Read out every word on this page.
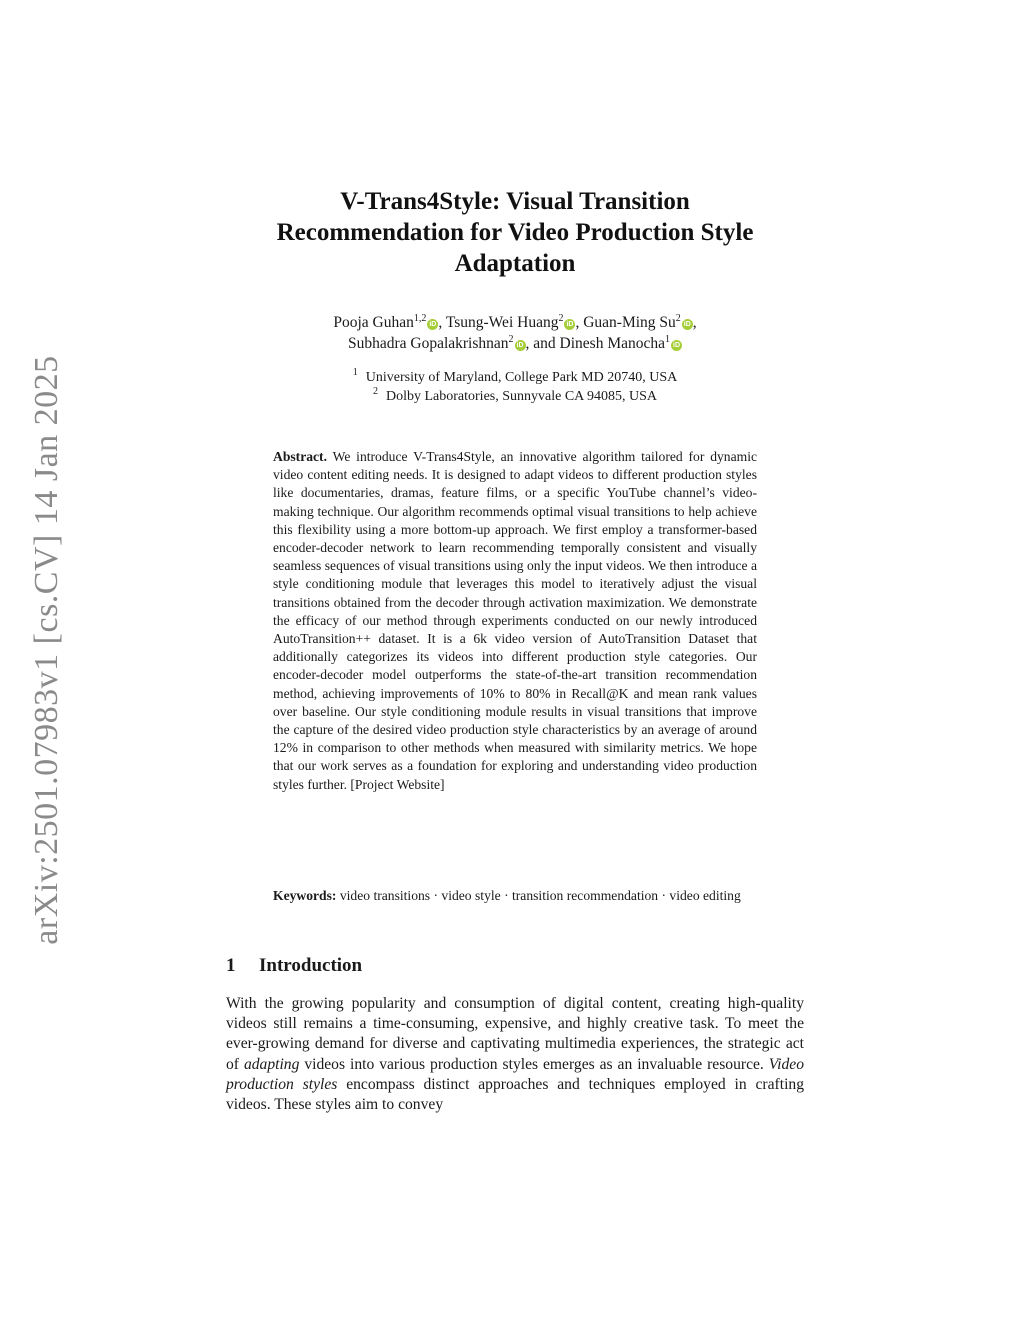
arXiv:2501.07983v1 [cs.CV] 14 Jan 2025
V-Trans4Style: Visual Transition
Recommendation for Video Production Style
Adaptation
Pooja Guhan$^{1,2}$iD , Tsung-Wei Huang$^2$iD , Guan-Ming Su$^2$iD ,
Subhadra Gopalakrishnan$^2$iD , and Dinesh Manocha$^1$iD
$^1$ University of Maryland, College Park MD 20740, USA
$^2$ Dolby Laboratories, Sunnyvale CA 94085, USA
Abstract. We introduce V-Trans4Style, an innovative algorithm tailored for dynamic video content editing needs. It is designed to adapt videos to different production styles like documentaries, dramas, feature films, or a specific YouTube channel’s video-making technique. Our algorithm recommends optimal visual transitions to help achieve this flexibility using a more bottom-up approach. We first employ a transformer-based encoder-decoder network to learn recommending temporally consistent and visually seamless sequences of visual transitions using only the input videos. We then introduce a style conditioning module that leverages this model to iteratively adjust the visual transitions obtained from the decoder through activation maximization. We demonstrate the efficacy of our method through experiments conducted on our newly introduced AutoTransition++ dataset. It is a 6k video version of AutoTransition Dataset that additionally categorizes its videos into different production style categories. Our encoder-decoder model outperforms the state-of-the-art transition recommendation method, achieving improvements of 10% to 80% in Recall@K and mean rank values over baseline. Our style conditioning module results in visual transitions that improve the capture of the desired video production style characteristics by an average of around 12% in comparison to other methods when measured with similarity metrics. We hope that our work serves as a foundation for exploring and understanding video production styles further. [Project Website]
Keywords: video transitions · video style · transition recommendation · video editing
1 Introduction
With the growing popularity and consumption of digital content, creating high-quality videos still remains a time-consuming, expensive, and highly creative task. To meet the ever-growing demand for diverse and captivating multimedia experiences, the strategic act of adapting videos into various production styles emerges as an invaluable resource. Video production styles encompass distinct approaches and techniques employed in crafting videos. These styles aim to convey
